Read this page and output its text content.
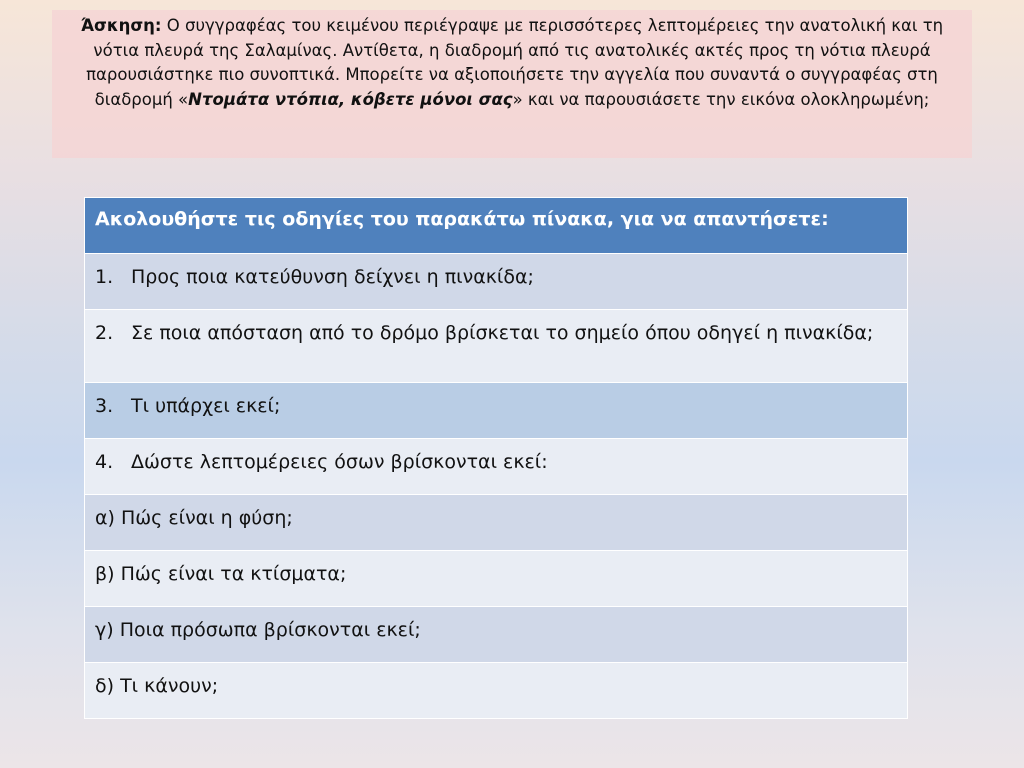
Άσκηση: Ο συγγραφέας του κειμένου περιέγραψε με περισσότερες λεπτομέρειες την ανατολική και τη νότια πλευρά της Σαλαμίνας. Αντίθετα, η διαδρομή από τις ανατολικές ακτές προς τη νότια πλευρά παρουσιάστηκε πιο συνοπτικά. Μπορείτε να αξιοποιήσετε την αγγελία που συναντά ο συγγραφέας στη διαδρομή «Ντομάτα ντόπια, κόβετε μόνοι σας» και να παρουσιάσετε την εικόνα ολοκληρωμένη;
Ακολουθήστε τις οδηγίες του παρακάτω πίνακα, για να απαντήσετε:

1. Προς ποια κατεύθυνση δείχνει η πινακίδα;

2. Σε ποια απόσταση από το δρόμο βρίσκεται το σημείο όπου οδηγεί η πινακίδα;

3. Τι υπάρχει εκεί;

4. Δώστε λεπτομέρειες όσων βρίσκονται εκεί:

α) Πώς είναι η φύση;
β) Πώς είναι τα κτίσματα;
γ) Ποια πρόσωπα βρίσκονται εκεί;
δ) Τι κάνουν;
